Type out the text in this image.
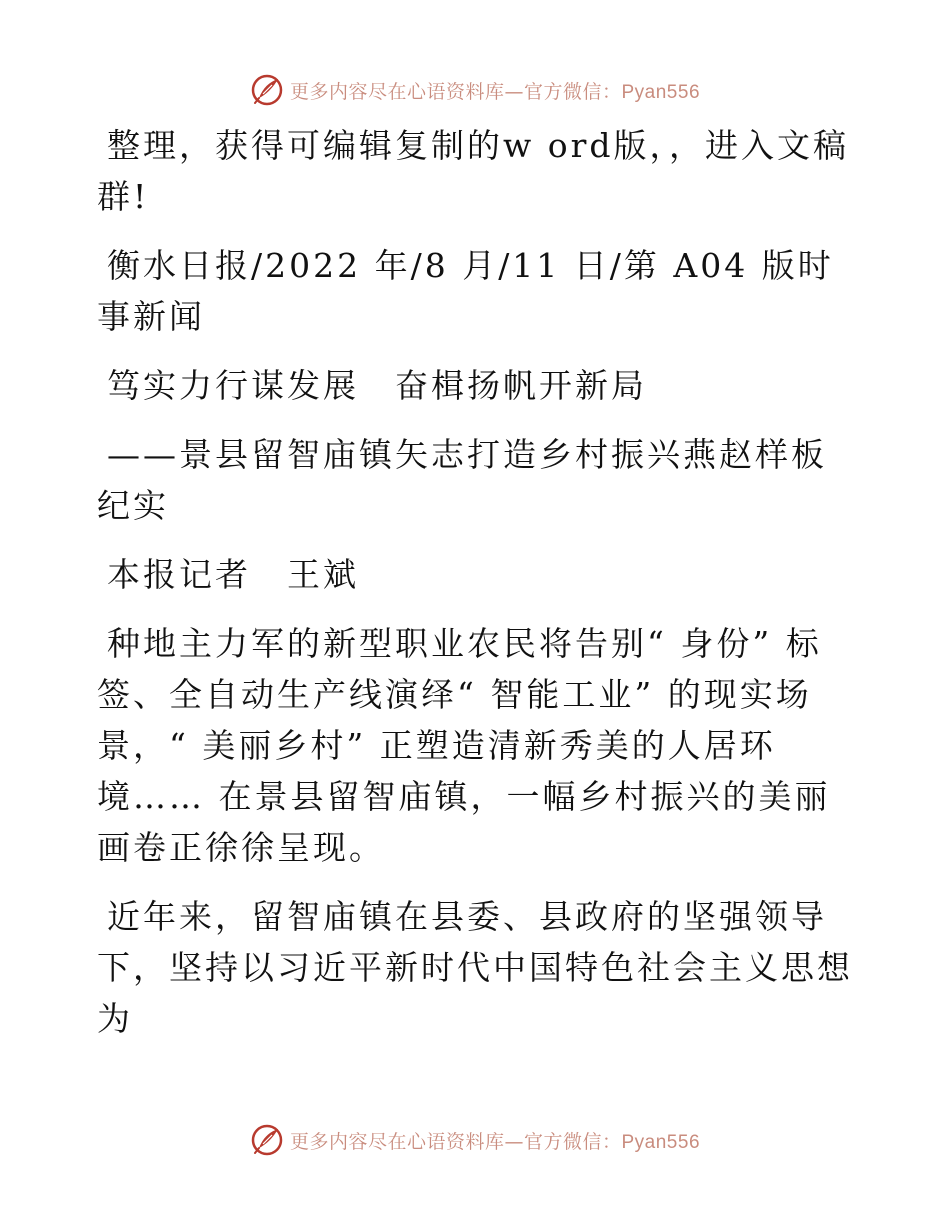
更多内容尽在心语资料库—官方微信：Pyan556

整理，获得可编辑复制的w ord版，，进入文稿群!

衡水日报/2022 年/8 月/11 日/第 A04 版时事新闻

笃实力行谋发展　奋楫扬帆开新局

——景县留智庙镇矢志打造乡村振兴燕赵样板纪实

本报记者　王斌

种地主力军的新型职业农民将告别“ 身份” 标签、全自动生产线演绎“ 智能工业” 的现实场景，“ 美丽乡村” 正塑造清新秀美的人居环境…… 在景县留智庙镇，一幅乡村振兴的美丽画卷正徐徐呈现。

近年来，留智庙镇在县委、县政府的坚强领导下，坚持以习近平新时代中国特色社会主义思想为

更多内容尽在心语资料库—官方微信：Pyan556
